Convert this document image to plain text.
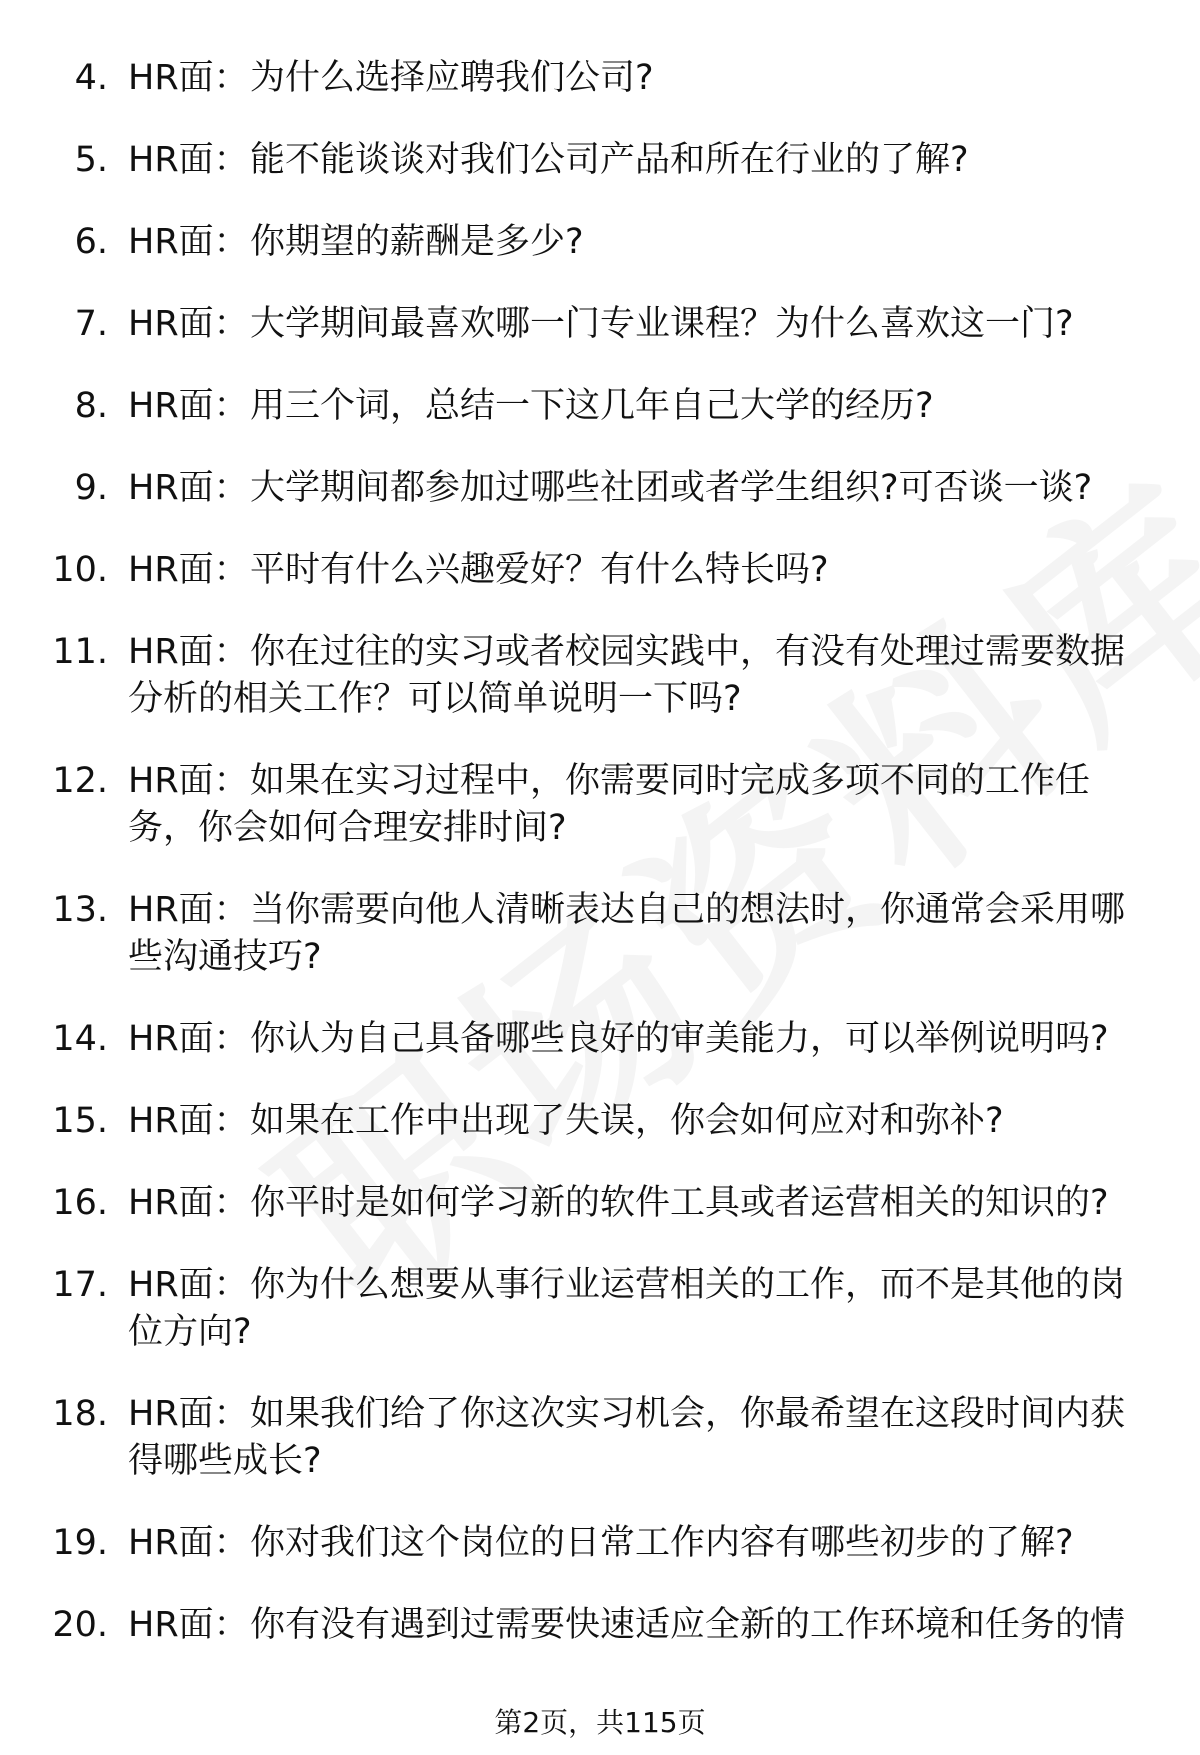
4. HR面： 为什么选择应聘我们公司?
5. HR面： 能不能谈谈对我们公司产品和所在行业的了解?
6. HR面： 你期望的薪酬是多少?
7. HR面： 大学期间最喜欢哪一门专业课程？为什么喜欢这一门?
8. HR面： 用三个词，总结一下这几年自己大学的经历?
9. HR面： 大学期间都参加过哪些社团或者学生组织?可否谈一谈?
10. HR面： 平时有什么兴趣爱好？有什么特长吗?
11. HR面： 你在过往的实习或者校园实践中，有没有处理过需要数据分析的相关工作？可以简单说明一下吗?
12. HR面： 如果在实习过程中，你需要同时完成多项不同的工作任务，你会如何合理安排时间?
13. HR面： 当你需要向他人清晰表达自己的想法时，你通常会采用哪些沟通技巧?
14. HR面： 你认为自己具备哪些良好的审美能力，可以举例说明吗?
15. HR面： 如果在工作中出现了失误，你会如何应对和弥补?
16. HR面： 你平时是如何学习新的软件工具或者运营相关的知识的?
17. HR面： 你为什么想要从事行业运营相关的工作，而不是其他的岗位方向?
18. HR面： 如果我们给了你这次实习机会，你最希望在这段时间内获得哪些成长?
19. HR面： 你对我们这个岗位的日常工作内容有哪些初步的了解?
20. HR面： 你有没有遇到过需要快速适应全新的工作环境和任务的情
第2页，共115页
